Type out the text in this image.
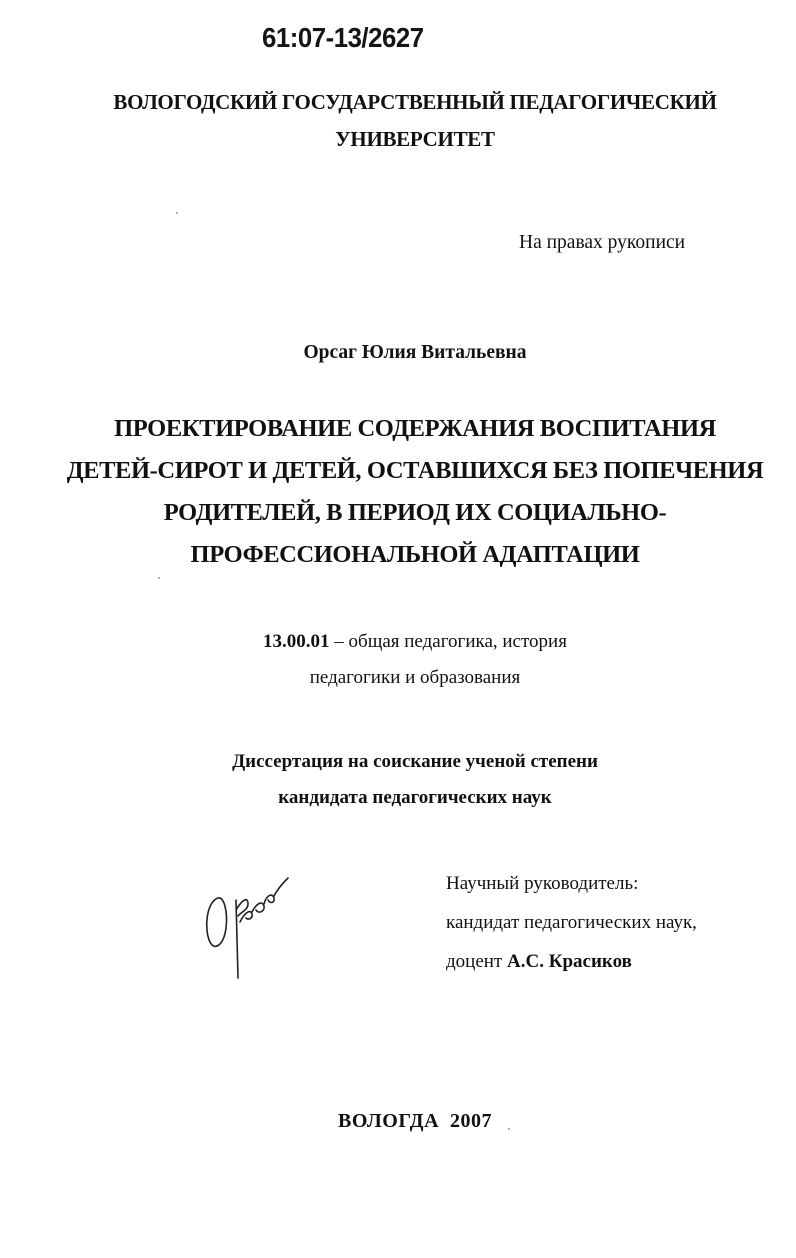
61:07-13/2627
ВОЛОГОДСКИЙ ГОСУДАРСТВЕННЫЙ ПЕДАГОГИЧЕСКИЙ
УНИВЕРСИТЕТ
На правах рукописи
Орсаг Юлия Витальевна
ПРОЕКТИРОВАНИЕ СОДЕРЖАНИЯ ВОСПИТАНИЯ
ДЕТЕЙ-СИРОТ И ДЕТЕЙ, ОСТАВШИХСЯ БЕЗ ПОПЕЧЕНИЯ
РОДИТЕЛЕЙ, В ПЕРИОД ИХ СОЦИАЛЬНО-
ПРОФЕССИОНАЛЬНОЙ АДАПТАЦИИ
13.00.01 – общая педагогика, история
педагогики и образования
Диссертация на соискание ученой степени
кандидата педагогических наук
Научный руководитель:
кандидат педагогических наук,
доцент А.С. Красиков
ВОЛОГДА 2007
